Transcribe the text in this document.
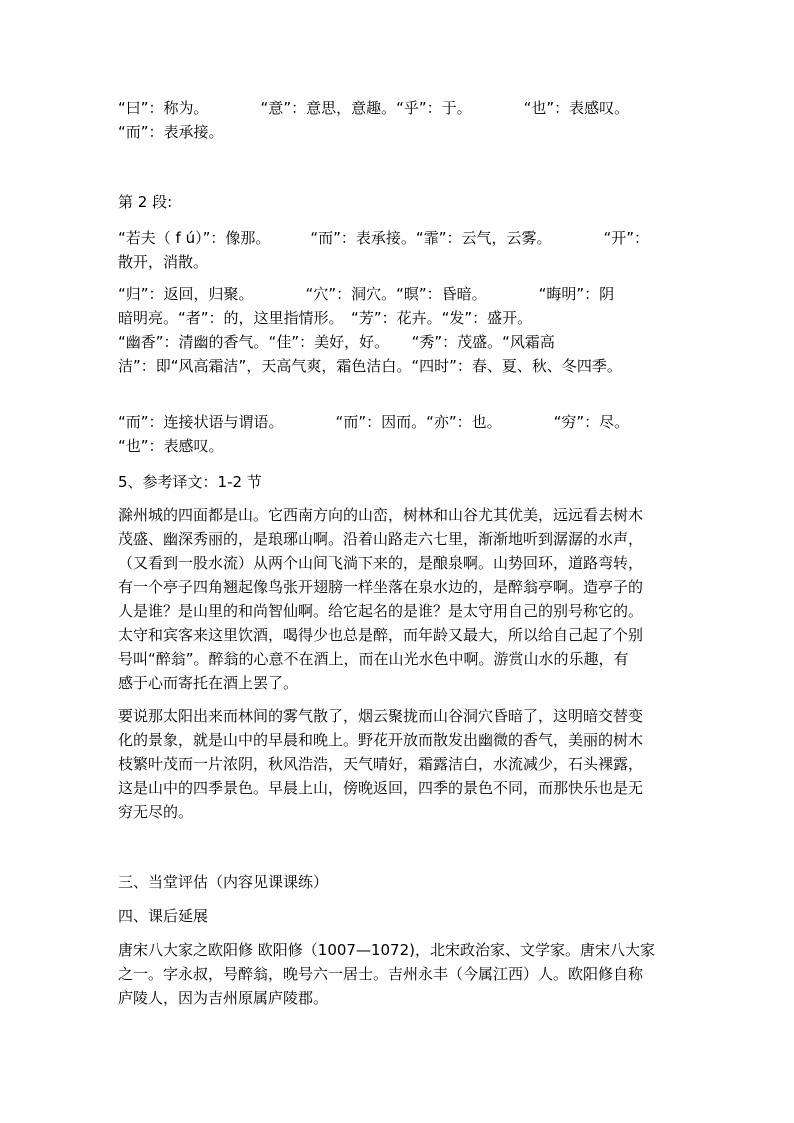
“曰”：称为。	“意”：意思，意趣。“乎”：于。	“也”：表感叹。
“而”：表承接。

第 2 段:

“若夫（ f ú）”：像那。	“而”：表承接。“霏”：云气，云雾。	“开”：
散开，消散。

“归”：返回，归聚。	“穴”：洞穴。“暝”：昏暗。	“晦明”：阴
暗明亮。“者”：的，这里指情形。　“芳”：花卉。“发”：盛开。
“幽香”：清幽的香气。“佳”：美好，好。　　“秀”：茂盛。“风霜高
洁”：即“风高霜洁”，天高气爽，霜色洁白。“四时”：春、夏、秋、冬四季。

“而”：连接状语与谓语。	“而”：因而。“亦”：也。	“穷”：尽。
“也”：表感叹。

5、参考译文：1-2 节

滁州城的四面都是山。它西南方向的山峦，树林和山谷尤其优美，远远看去树木
茂盛、幽深秀丽的，是琅琊山啊。沿着山路走六七里，渐渐地听到潺潺的水声，
（又看到一股水流）从两个山间飞淌下来的，是酿泉啊。山势回环，道路弯转，
有一个亭子四角翘起像鸟张开翅膀一样坐落在泉水边的，是醉翁亭啊。造亭子的
人是谁？是山里的和尚智仙啊。给它起名的是谁？是太守用自己的别号称它的。
太守和宾客来这里饮酒，喝得少也总是醉，而年龄又最大，所以给自己起了个别
号叫“醉翁”。醉翁的心意不在酒上，而在山光水色中啊。游赏山水的乐趣，有
感于心而寄托在酒上罢了。

要说那太阳出来而林间的雾气散了，烟云聚拢而山谷洞穴昏暗了，这明暗交替变
化的景象，就是山中的早晨和晚上。野花开放而散发出幽微的香气，美丽的树木
枝繁叶茂而一片浓阴，秋风浩浩，天气晴好，霜露洁白，水流减少，石头裸露，
这是山中的四季景色。早晨上山，傍晚返回，四季的景色不同，而那快乐也是无
穷无尽的。

三、当堂评估（内容见课课练）

四、课后延展

唐宋八大家之欧阳修 欧阳修（1007—1072)，北宋政治家、文学家。唐宋八大家
之一。字永叔，号醉翁，晚号六一居士。吉州永丰（今属江西）人。欧阳修自称
庐陵人，因为吉州原属庐陵郡。
